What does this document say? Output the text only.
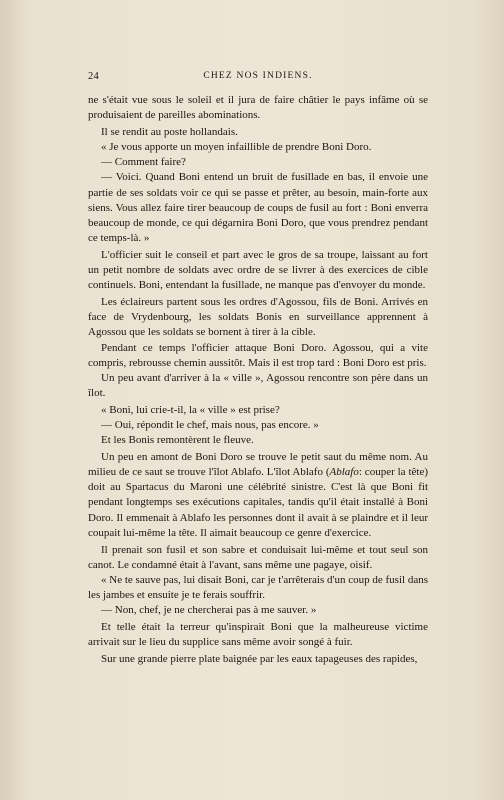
24	CHEZ NOS INDIENS.

ne s'était vue sous le soleil et il jura de faire châtier le pays infâme où se produisaient de pareilles abominations.

Il se rendit au poste hollandais.

« Je vous apporte un moyen infaillible de prendre Boni Doro.

— Comment faire?

— Voici. Quand Boni entend un bruit de fusillade en bas, il envoie une partie de ses soldats voir ce qui se passe et prêter, au besoin, main-forte aux siens. Vous allez faire tirer beaucoup de coups de fusil au fort : Boni enverra beaucoup de monde, ce qui dégarnira Boni Doro, que vous prendrez pendant ce temps-là. »

L'officier suit le conseil et part avec le gros de sa troupe, laissant au fort un petit nombre de soldats avec ordre de se livrer à des exercices de cible continuels. Boni, entendant la fusillade, ne manque pas d'envoyer du monde.

Les éclaireurs partent sous les ordres d'Agossou, fils de Boni. Arrivés en face de Vrydenbourg, les soldats Bonis en surveillance apprennent à Agossou que les soldats se bornent à tirer à la cible.

Pendant ce temps l'officier attaque Boni Doro. Agossou, qui a vite compris, rebrousse chemin aussitôt. Mais il est trop tard : Boni Doro est pris.

Un peu avant d'arriver à la « ville », Agossou rencontre son père dans un îlot.

« Boni, lui crie-t-il, la « ville » est prise?

— Oui, répondit le chef, mais nous, pas encore. »

Et les Bonis remontèrent le fleuve.

Un peu en amont de Boni Doro se trouve le petit saut du même nom. Au milieu de ce saut se trouve l'îlot Ablafo. L'îlot Ablafo (Ablafo: couper la tête) doit au Spartacus du Maroni une célébrité sinistre. C'est là que Boni fit pendant longtemps ses exécutions capitales, tandis qu'il était installé à Boni Doro. Il emmenait à Ablafo les personnes dont il avait à se plaindre et il leur coupait lui-même la tête. Il aimait beaucoup ce genre d'exercice.

Il prenait son fusil et son sabre et conduisait lui-même et tout seul son canot. Le condamné était à l'avant, sans même une pagaye, oisif.

« Ne te sauve pas, lui disait Boni, car je t'arrêterais d'un coup de fusil dans les jambes et ensuite je te ferais souffrir.

— Non, chef, je ne chercherai pas à me sauver. »

Et telle était la terreur qu'inspirait Boni que la malheureuse victime arrivait sur le lieu du supplice sans même avoir songé à fuir.

Sur une grande pierre plate baignée par les eaux tapageuses des rapides,
